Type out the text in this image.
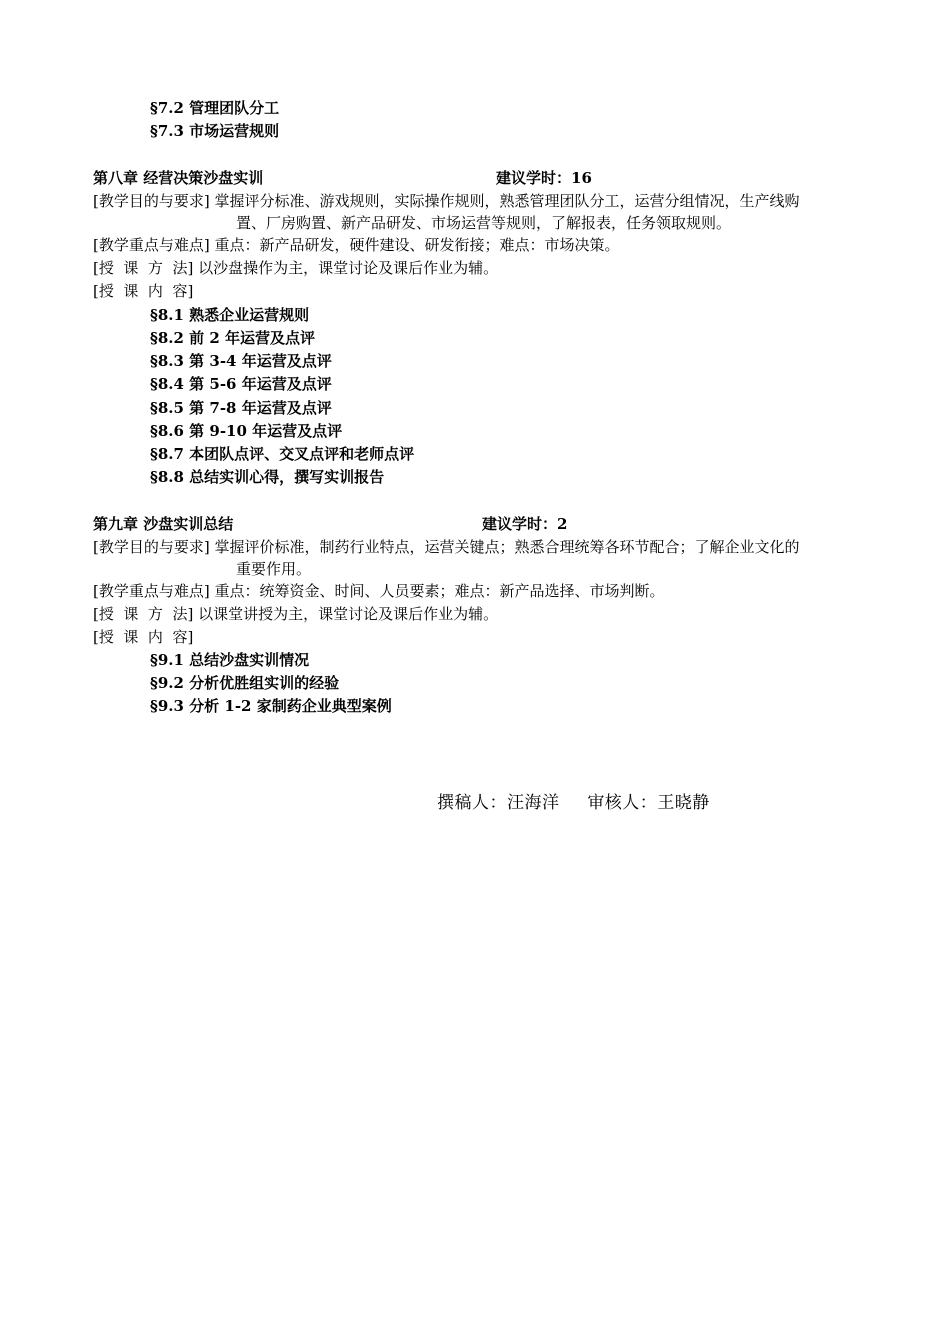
§7.2 管理团队分工
§7.3 市场运营规则
第八章 经营决策沙盘实训	建议学时：16
[教学目的与要求] 掌握评分标准、游戏规则，实际操作规则，熟悉管理团队分工，运营分组情况，生产线购
置、厂房购置、新产品研发、市场运营等规则，了解报表，任务领取规则。
[教学重点与难点] 重点：新产品研发，硬件建设、研发衔接；难点：市场决策。
[授  课  方  法] 以沙盘操作为主，课堂讨论及课后作业为辅。
[授  课  内  容]
§8.1 熟悉企业运营规则
§8.2 前 2 年运营及点评
§8.3 第 3-4 年运营及点评
§8.4 第 5-6 年运营及点评
§8.5 第 7-8 年运营及点评
§8.6 第 9-10 年运营及点评
§8.7 本团队点评、交叉点评和老师点评
§8.8 总结实训心得，撰写实训报告
第九章 沙盘实训总结	建议学时：2
[教学目的与要求] 掌握评价标准，制药行业特点，运营关键点；熟悉合理统筹各环节配合；了解企业文化的
重要作用。
[教学重点与难点] 重点：统筹资金、时间、人员要素；难点：新产品选择、市场判断。
[授  课  方  法] 以课堂讲授为主，课堂讨论及课后作业为辅。
[授  课  内  容]
§9.1 总结沙盘实训情况
§9.2 分析优胜组实训的经验
§9.3 分析 1-2 家制药企业典型案例
撰稿人：汪海洋 审核人：王晓静
